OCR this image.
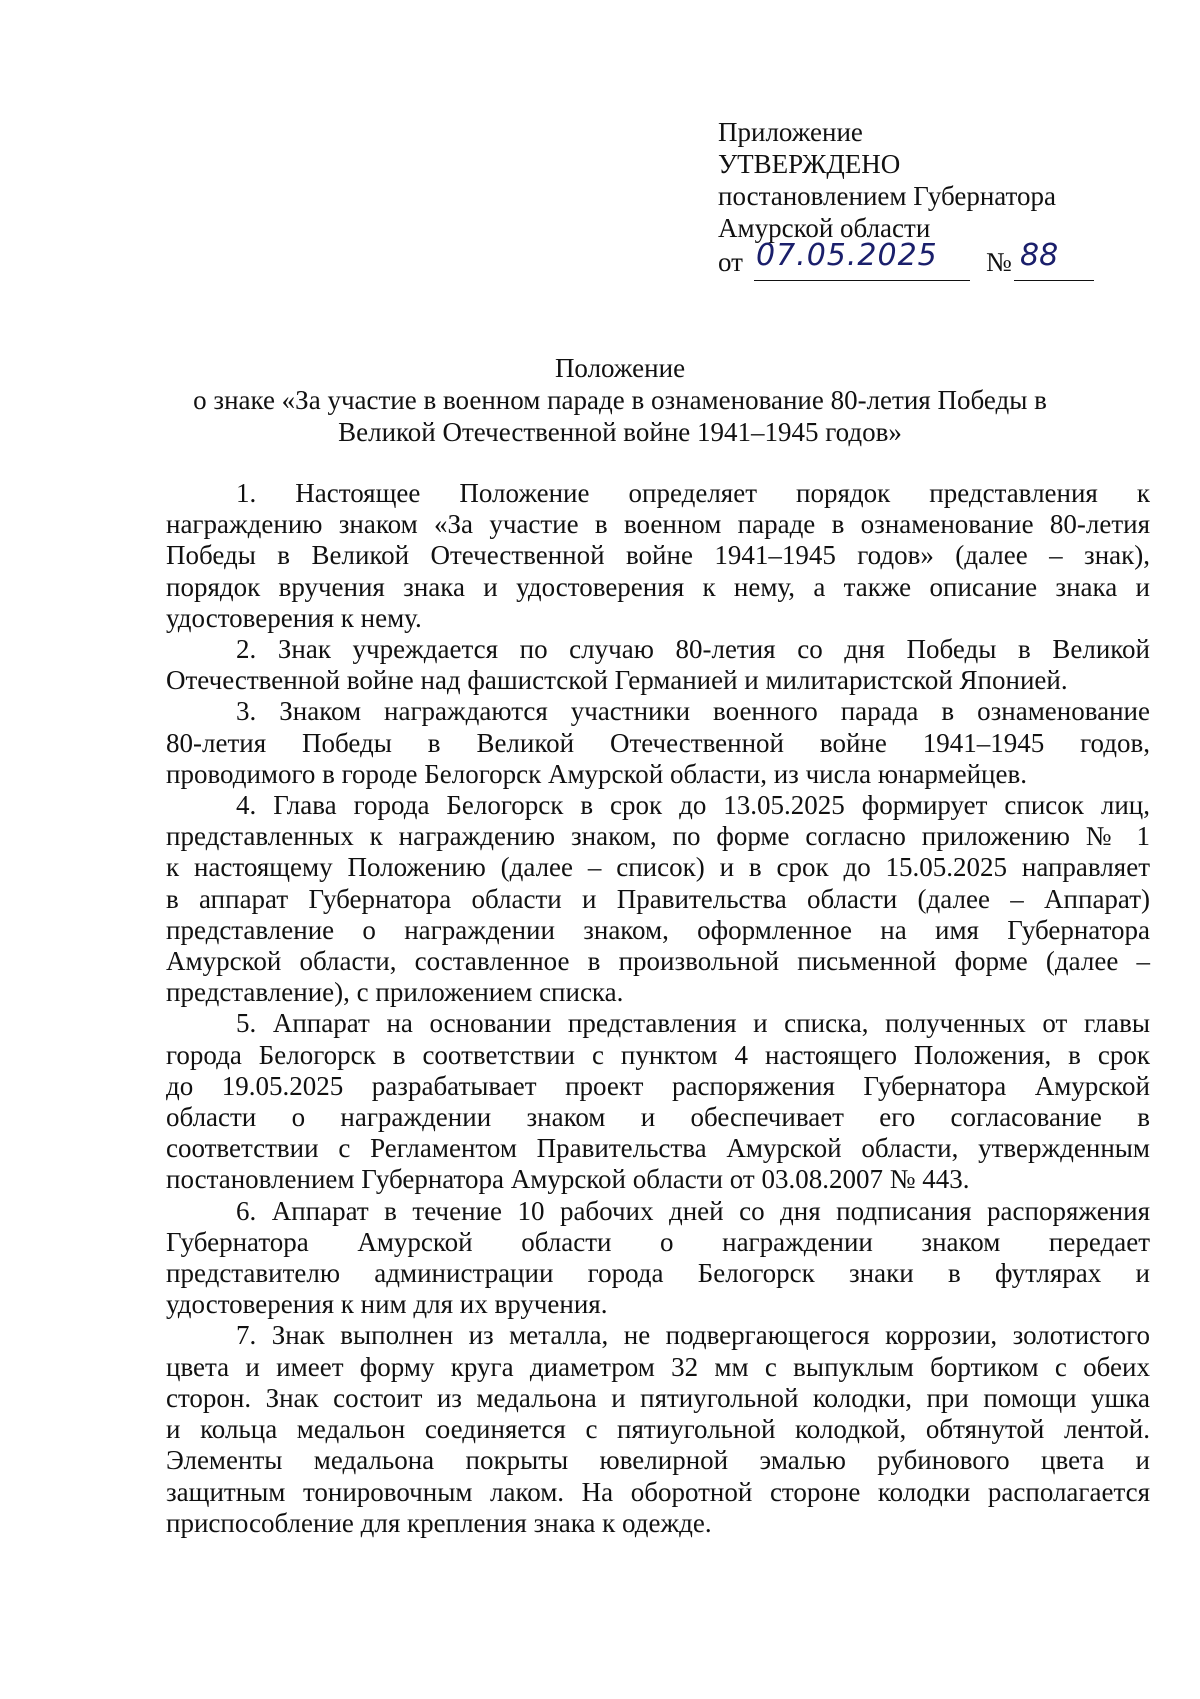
Приложение
УТВЕРЖДЕНО
постановлением Губернатора
Амурской области
от 07.05.2025 № 88
Положение
о знаке «За участие в военном параде в ознаменование 80-летия Победы в
Великой Отечественной войне 1941–1945 годов»

1. Настоящее Положение определяет порядок представления к
награждению знаком «За участие в военном параде в ознаменование 80-летия
Победы в Великой Отечественной войне 1941–1945 годов» (далее – знак),
порядок вручения знака и удостоверения к нему, а также описание знака и
удостоверения к нему.

2. Знак учреждается по случаю 80-летия со дня Победы в Великой
Отечественной войне над фашистской Германией и милитаристской Японией.

3. Знаком награждаются участники военного парада в ознаменование
80-летия Победы в Великой Отечественной войне 1941–1945 годов,
проводимого в городе Белогорск Амурской области, из числа юнармейцев.

4. Глава города Белогорск в срок до 13.05.2025 формирует список лиц,
представленных к награждению знаком, по форме согласно приложению № 1
к настоящему Положению (далее – список) и в срок до 15.05.2025 направляет
в аппарат Губернатора области и Правительства области (далее – Аппарат)
представление о награждении знаком, оформленное на имя Губернатора
Амурской области, составленное в произвольной письменной форме (далее –
представление), с приложением списка.

5. Аппарат на основании представления и списка, полученных от главы
города Белогорск в соответствии с пунктом 4 настоящего Положения, в срок
до 19.05.2025 разрабатывает проект распоряжения Губернатора Амурской
области о награждении знаком и обеспечивает его согласование в
соответствии с Регламентом Правительства Амурской области, утвержденным
постановлением Губернатора Амурской области от 03.08.2007 № 443.

6. Аппарат в течение 10 рабочих дней со дня подписания распоряжения
Губернатора Амурской области о награждении знаком передает
представителю администрации города Белогорск знаки в футлярах и
удостоверения к ним для их вручения.

7. Знак выполнен из металла, не подвергающегося коррозии, золотистого
цвета и имеет форму круга диаметром 32 мм с выпуклым бортиком с обеих
сторон. Знак состоит из медальона и пятиугольной колодки, при помощи ушка
и кольца медальон соединяется с пятиугольной колодкой, обтянутой лентой.
Элементы медальона покрыты ювелирной эмалью рубинового цвета и
защитным тонировочным лаком. На оборотной стороне колодки располагается
приспособление для крепления знака к одежде.
